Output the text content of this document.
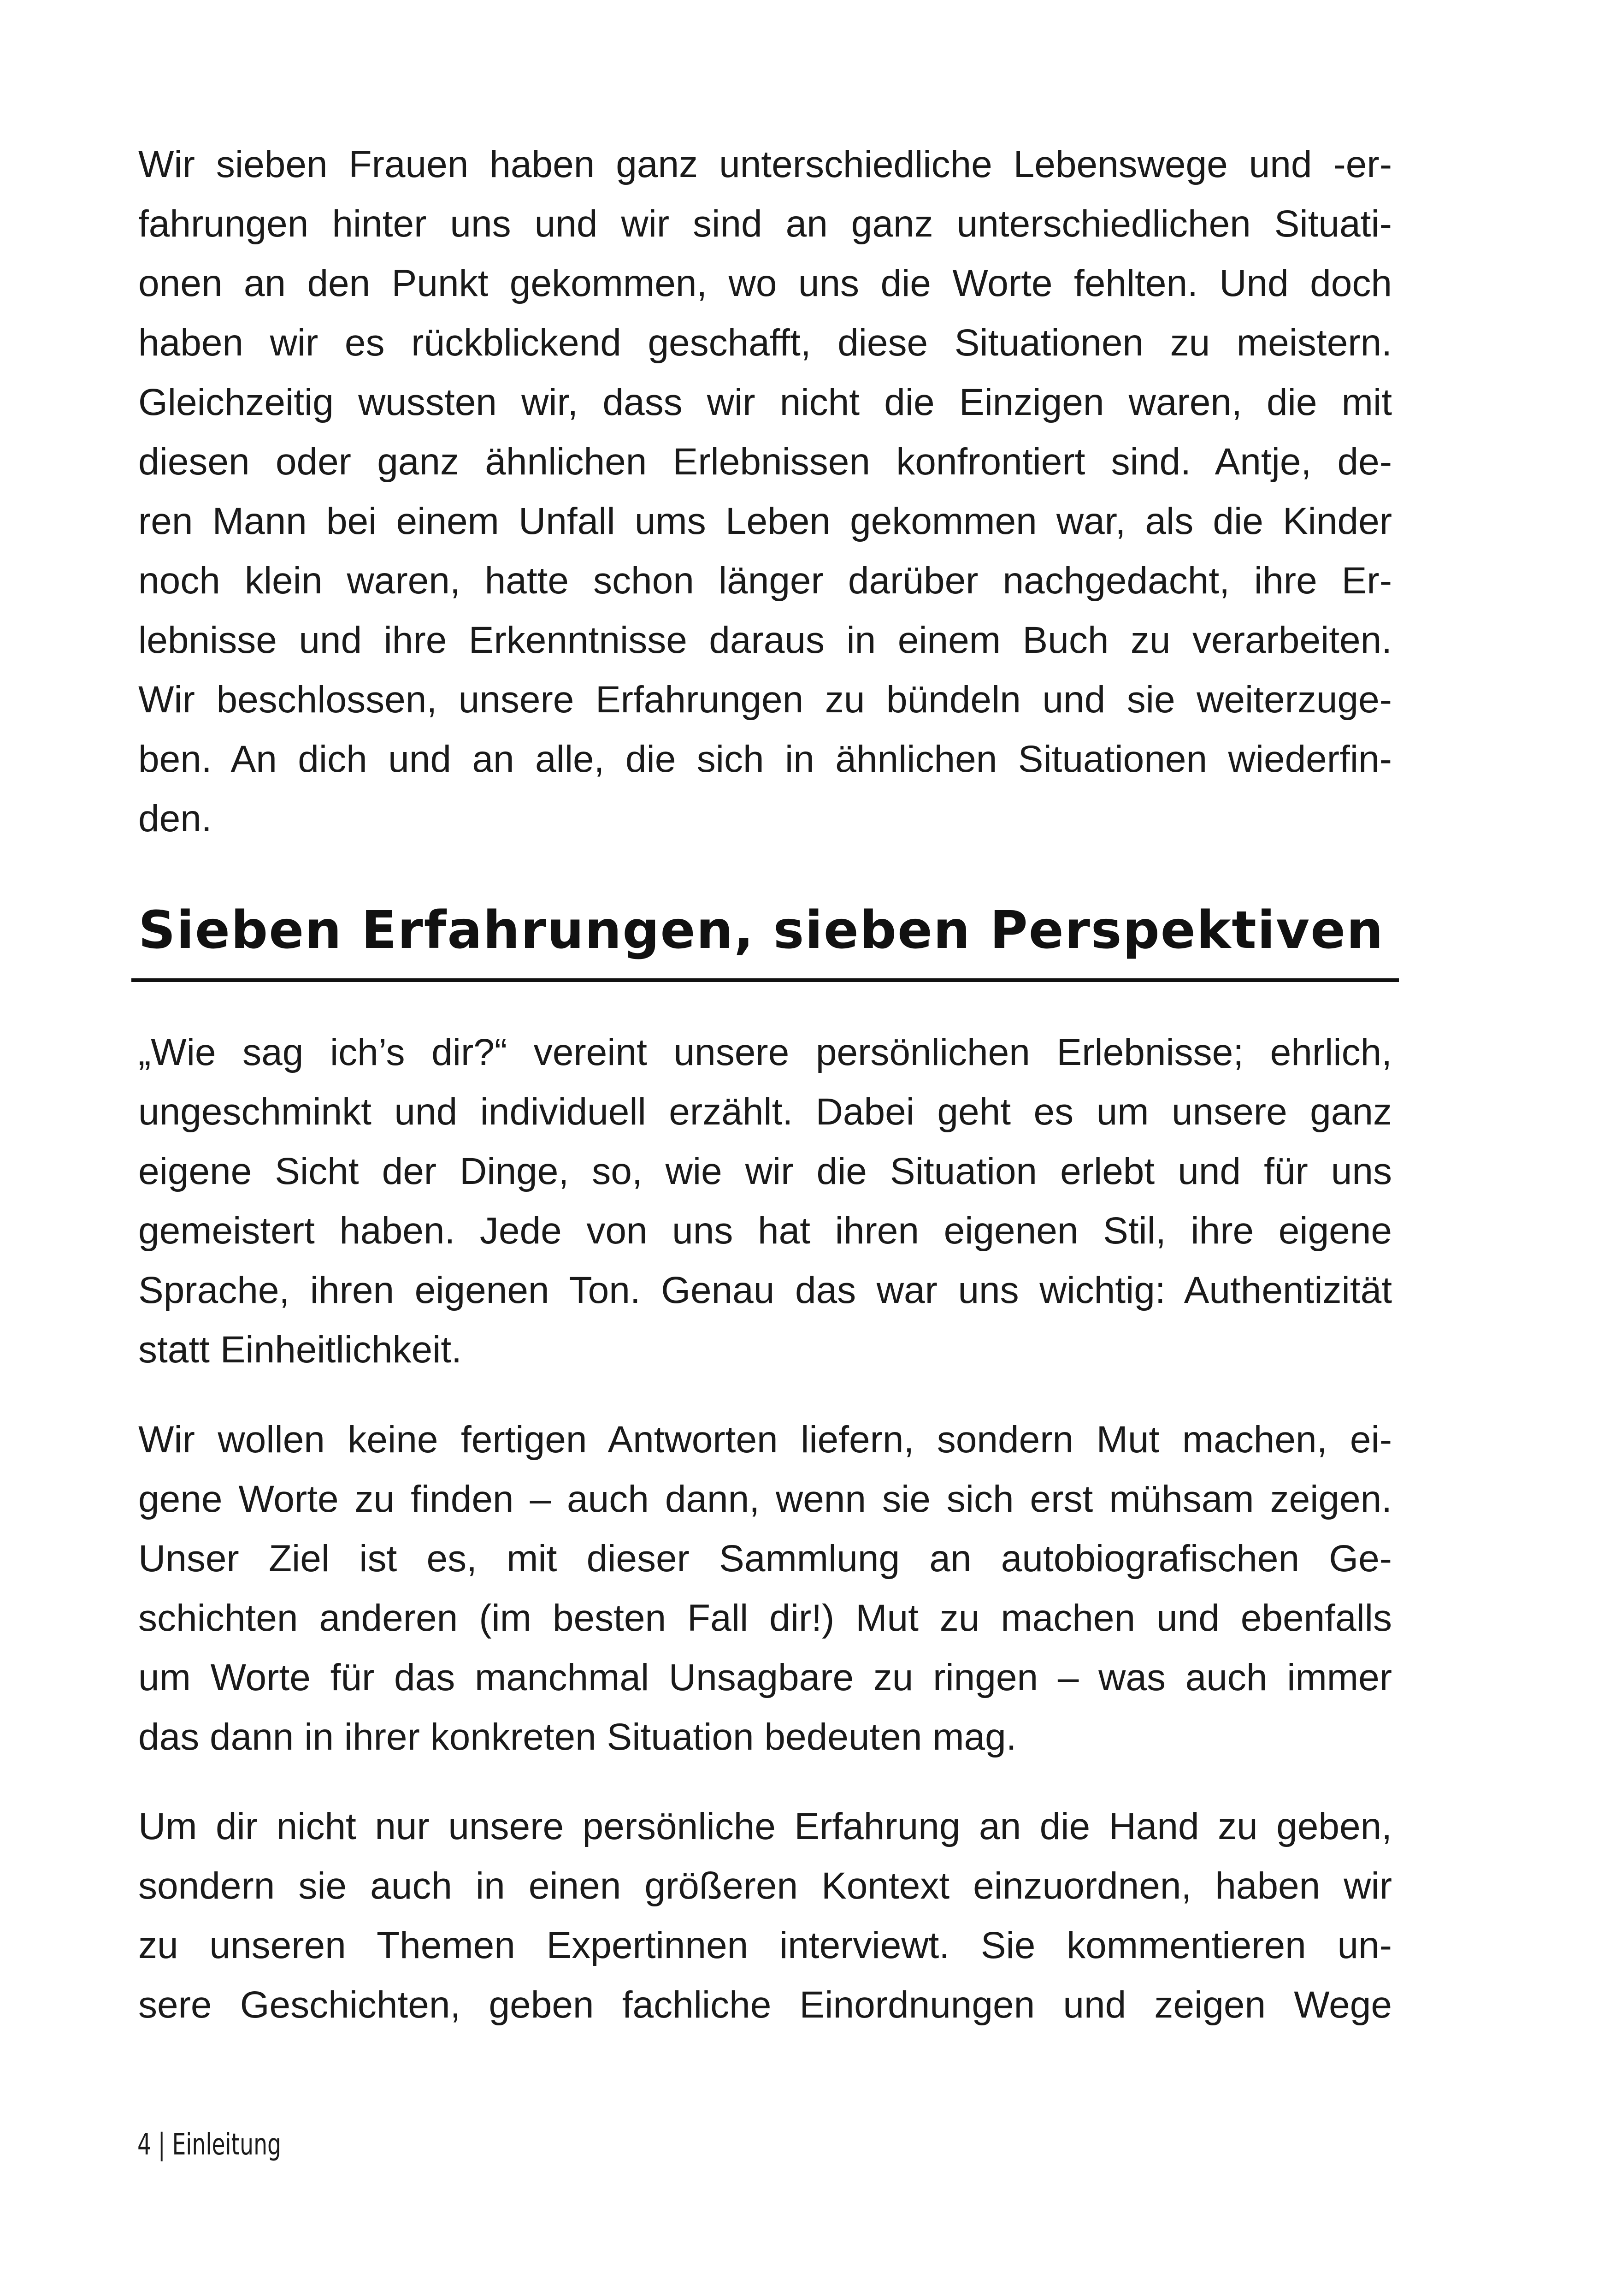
Wir sieben Frauen haben ganz unterschiedliche Lebenswege und -er-
fahrungen hinter uns und wir sind an ganz unterschiedlichen Situati-
onen an den Punkt gekommen, wo uns die Worte fehlten. Und doch
haben wir es rückblickend geschafft, diese Situationen zu meistern.
Gleichzeitig wussten wir, dass wir nicht die Einzigen waren, die mit
diesen oder ganz ähnlichen Erlebnissen konfrontiert sind. Antje, de-
ren Mann bei einem Unfall ums Leben gekommen war, als die Kinder
noch klein waren, hatte schon länger darüber nachgedacht, ihre Er-
lebnisse und ihre Erkenntnisse daraus in einem Buch zu verarbeiten.
Wir beschlossen, unsere Erfahrungen zu bündeln und sie weiterzuge-
ben. An dich und an alle, die sich in ähnlichen Situationen wiederfin-
den.
Sieben Erfahrungen, sieben Perspektiven
„Wie sag ich’s dir?“ vereint unsere persönlichen Erlebnisse; ehrlich,
ungeschminkt und individuell erzählt. Dabei geht es um unsere ganz
eigene Sicht der Dinge, so, wie wir die Situation erlebt und für uns
gemeistert haben. Jede von uns hat ihren eigenen Stil, ihre eigene
Sprache, ihren eigenen Ton. Genau das war uns wichtig: Authentizität
statt Einheitlichkeit.
Wir wollen keine fertigen Antworten liefern, sondern Mut machen, ei-
gene Worte zu finden – auch dann, wenn sie sich erst mühsam zeigen.
Unser Ziel ist es, mit dieser Sammlung an autobiografischen Ge-
schichten anderen (im besten Fall dir!) Mut zu machen und ebenfalls
um Worte für das manchmal Unsagbare zu ringen – was auch immer
das dann in ihrer konkreten Situation bedeuten mag.
Um dir nicht nur unsere persönliche Erfahrung an die Hand zu geben,
sondern sie auch in einen größeren Kontext einzuordnen, haben wir
zu unseren Themen Expertinnen interviewt. Sie kommentieren un-
sere Geschichten, geben fachliche Einordnungen und zeigen Wege
4 | Einleitung
